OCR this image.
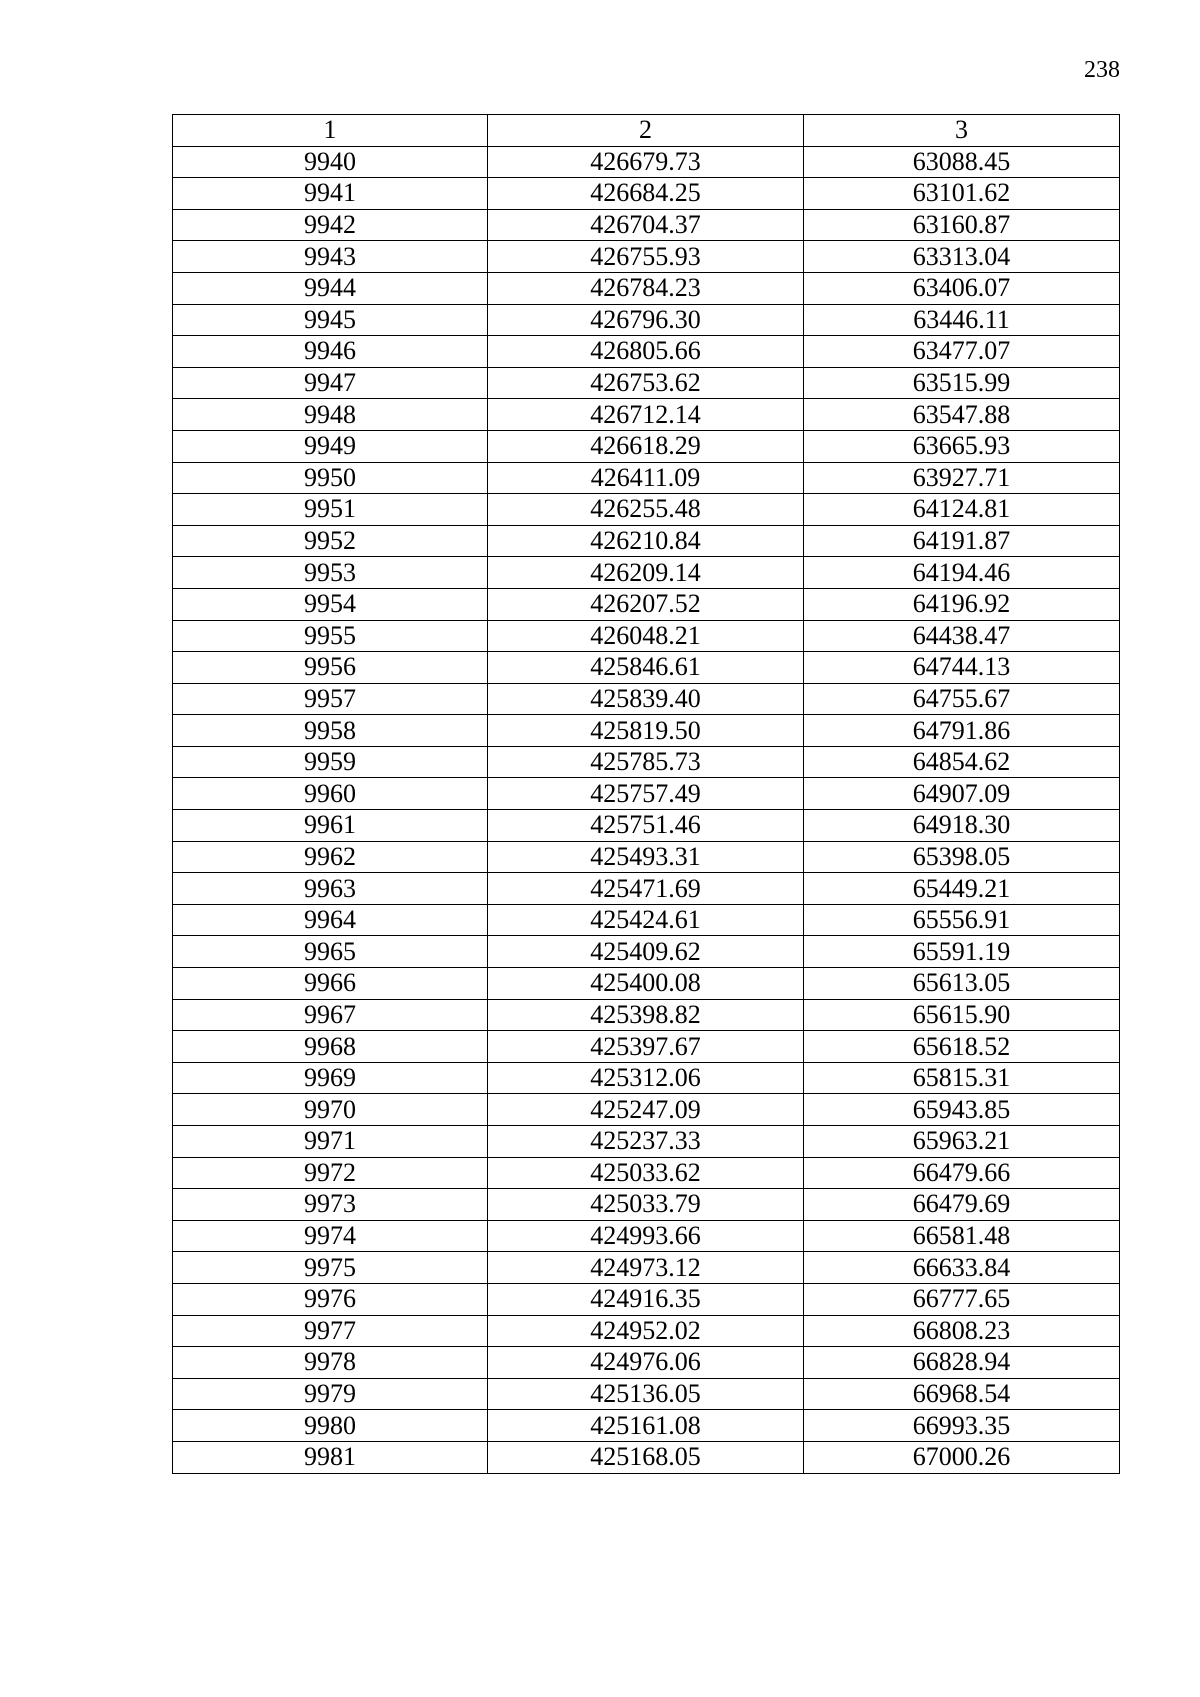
238
1	2	3
9940	426679.73	63088.45
9941	426684.25	63101.62
9942	426704.37	63160.87
9943	426755.93	63313.04
9944	426784.23	63406.07
9945	426796.30	63446.11
9946	426805.66	63477.07
9947	426753.62	63515.99
9948	426712.14	63547.88
9949	426618.29	63665.93
9950	426411.09	63927.71
9951	426255.48	64124.81
9952	426210.84	64191.87
9953	426209.14	64194.46
9954	426207.52	64196.92
9955	426048.21	64438.47
9956	425846.61	64744.13
9957	425839.40	64755.67
9958	425819.50	64791.86
9959	425785.73	64854.62
9960	425757.49	64907.09
9961	425751.46	64918.30
9962	425493.31	65398.05
9963	425471.69	65449.21
9964	425424.61	65556.91
9965	425409.62	65591.19
9966	425400.08	65613.05
9967	425398.82	65615.90
9968	425397.67	65618.52
9969	425312.06	65815.31
9970	425247.09	65943.85
9971	425237.33	65963.21
9972	425033.62	66479.66
9973	425033.79	66479.69
9974	424993.66	66581.48
9975	424973.12	66633.84
9976	424916.35	66777.65
9977	424952.02	66808.23
9978	424976.06	66828.94
9979	425136.05	66968.54
9980	425161.08	66993.35
9981	425168.05	67000.26
